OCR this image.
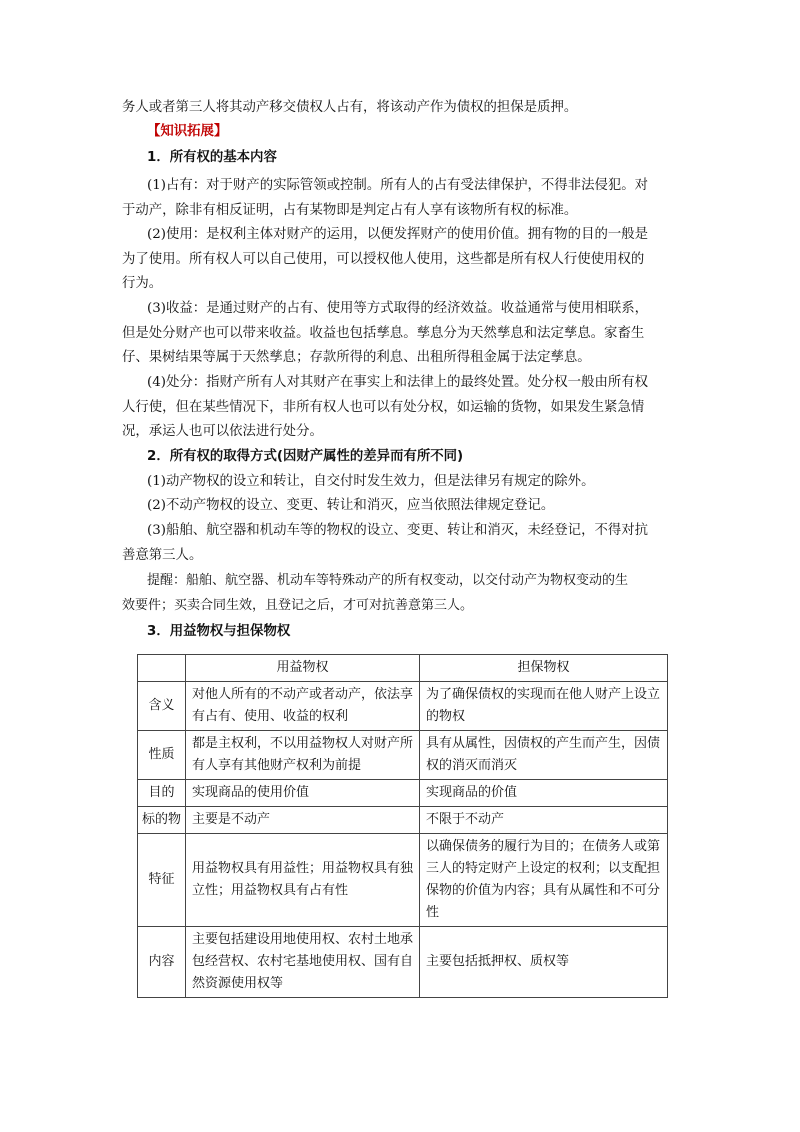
务人或者第三人将其动产移交债权人占有，将该动产作为债权的担保是质押。
【知识拓展】
1．所有权的基本内容
(1)占有：对于财产的实际管领或控制。所有人的占有受法律保护，不得非法侵犯。对
于动产，除非有相反证明，占有某物即是判定占有人享有该物所有权的标准。
(2)使用：是权利主体对财产的运用，以便发挥财产的使用价值。拥有物的目的一般是
为了使用。所有权人可以自己使用，可以授权他人使用，这些都是所有权人行使使用权的
行为。
(3)收益：是通过财产的占有、使用等方式取得的经济效益。收益通常与使用相联系，
但是处分财产也可以带来收益。收益也包括孳息。孳息分为天然孳息和法定孳息。家畜生
仔、果树结果等属于天然孳息；存款所得的利息、出租所得租金属于法定孳息。
(4)处分：指财产所有人对其财产在事实上和法律上的最终处置。处分权一般由所有权
人行使，但在某些情况下，非所有权人也可以有处分权，如运输的货物，如果发生紧急情
况，承运人也可以依法进行处分。
2．所有权的取得方式(因财产属性的差异而有所不同)
(1)动产物权的设立和转让，自交付时发生效力，但是法律另有规定的除外。
(2)不动产物权的设立、变更、转让和消灭，应当依照法律规定登记。
(3)船舶、航空器和机动车等的物权的设立、变更、转让和消灭，未经登记，不得对抗
善意第三人。
提醒：船舶、航空器、机动车等特殊动产的所有权变动，以交付动产为物权变动的生
效要件；买卖合同生效，且登记之后，才可对抗善意第三人。
3．用益物权与担保物权
	用益物权	担保物权
含义	对他人所有的不动产或者动产，依法享有占有、使用、收益的权利	为了确保债权的实现而在他人财产上设立的物权
性质	都是主权利，不以用益物权人对财产所有人享有其他财产权利为前提	具有从属性，因债权的产生而产生，因债权的消灭而消灭
目的	实现商品的使用价值	实现商品的价值
标的物	主要是不动产	不限于不动产
特征	用益物权具有用益性；用益物权具有独立性；用益物权具有占有性	以确保债务的履行为目的；在债务人或第三人的特定财产上设定的权利；以支配担保物的价值为内容；具有从属性和不可分性
内容	主要包括建设用地使用权、农村土地承包经营权、农村宅基地使用权、国有自然资源使用权等	主要包括抵押权、质权等
